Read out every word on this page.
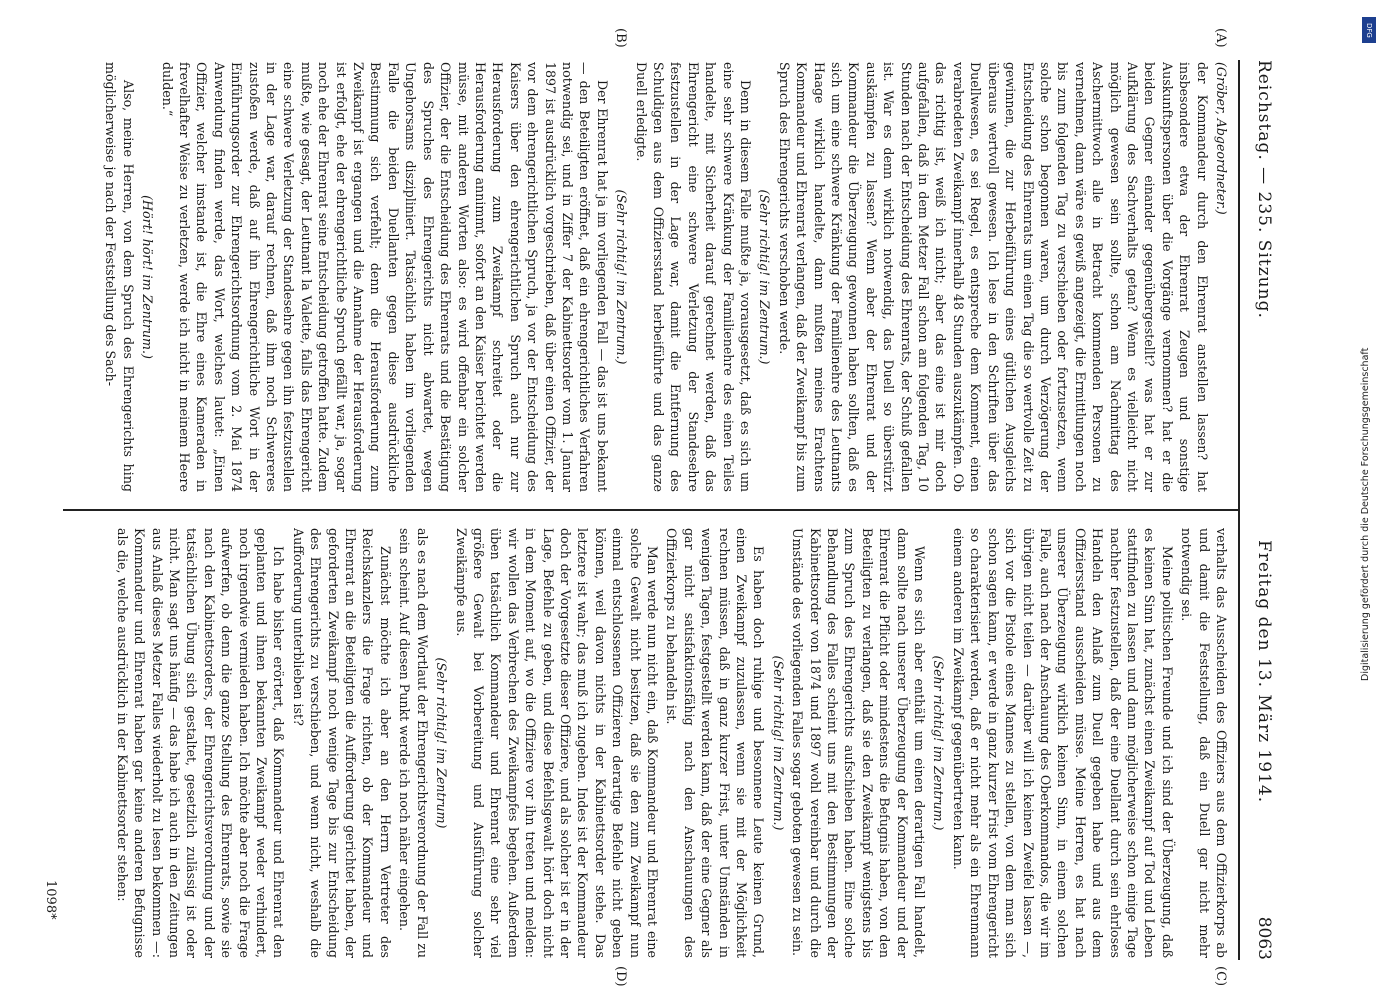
Reichstag. — 235. Sitzung.
Freitag den 13. März 1914.
8063
(A)
(B)
(C)
(D)

(Gröber, Abgeordneter.)

der Kommandeur durch den Ehrenrat anstellen lassen? hat insbesondere etwa der Ehrenrat Zeugen und sonstige Auskunftspersonen über die Vorgänge vernommen? hat er die beiden Gegner einander gegenübergestellt? was hat er zur Aufklärung des Sachverhalts getan? Wenn es vielleicht nicht möglich gewesen sein sollte, schon am Nachmittag des Aschermittwoch alle in Betracht kommenden Personen zu vernehmen, dann wäre es gewiß angezeigt, die Ermittlungen noch bis zum folgenden Tag zu verschieben oder fortzusetzen, wenn solche schon begonnen waren, um durch Verzögerung der Entscheidung des Ehrenrats um einen Tag die so wertvolle Zeit zu gewinnen, die zur Herbeiführung eines gütlichen Ausgleichs überaus wertvoll gewesen. Ich lese in den Schriften über das Duellwesen, es sei Regel, es entspreche dem Komment, einen verabredeten Zweikampf innerhalb 48 Stunden auszukämpfen. Ob das richtig ist, weiß ich nicht; aber das eine ist mir doch aufgefallen, daß in dem Metzer Fall schon am folgenden Tag, 10 Stunden nach der Entscheidung des Ehrenrats, der Schuß gefallen ist. War es denn wirklich notwendig, das Duell so überstürzt auskämpfen zu lassen? Wenn aber der Ehrenrat und der Kommandeur die Überzeugung gewonnen haben sollten, daß es sich um eine schwere Kränkung der Familienehre des Leutnants Haage wirklich handelte, dann mußten meines Erachtens Kommandeur und Ehrenrat verlangen, daß der Zweikampf bis zum Spruch des Ehrengerichts verschoben werde.

(Sehr richtig! im Zentrum.)

Denn in diesem Falle mußte ja, vorausgesetzt, daß es sich um eine sehr schwere Kränkung der Familienehre des einen Teiles handelte, mit Sicherheit darauf gerechnet werden, daß das Ehrengericht eine schwere Verletzung der Standesehre festzustellen in der Lage war, damit die Entfernung des Schuldigen aus dem Offiziersstand herbeiführte und das ganze Duell erledigte.

(Sehr richtig! im Zentrum.)

Der Ehrenrat hat ja im vorliegenden Fall — das ist uns bekannt — den Beteiligten eröffnet, daß ein ehrengerichtliches Verfahren notwendig sei, und in Ziffer 7 der Kabinettsorder vom 1. Januar 1897 ist ausdrücklich vorgeschrieben, daß über einen Offizier, der vor dem ehrengerichtlichen Spruch, ja vor der Entscheidung des Kaisers über den ehrengerichtlichen Spruch auch nur zur Herausforderung zum Zweikampf schreitet oder die Herausforderung annimmt, sofort an den Kaiser berichtet werden müsse, mit anderen Worten also: es wird offenbar ein solcher Offizier, der die Entscheidung des Ehrenrats und die Bestätigung des Spruches des Ehrengerichts nicht abwartet, wegen Ungehorsams diszipliniert. Tatsächlich haben im vorliegenden Falle die beiden Duellanten gegen diese ausdrückliche Bestimmung sich verfehlt; denn die Herausforderung zum Zweikampf ist ergangen und die Annahme der Herausforderung ist erfolgt, ehe der ehrengerichtliche Spruch gefällt war, ja, sogar noch ehe der Ehrenrat seine Entscheidung getroffen hatte. Zudem mußte, wie gesagt, der Leutnant la Valette, falls das Ehrengericht eine schwere Verletzung der Standesehre gegen ihn festzustellen in der Lage war, darauf rechnen, daß ihm noch Schwereres zustoßen werde, daß auf ihn Ehrengerichtliche Wort in der Einführungsorder zur Ehrengerichtsordnung vom 2. Mai 1874 Anwendung finden werde, das Wort, welches lautet: „Einen Offizier, welcher imstande ist, die Ehre eines Kameraden in frevelhafter Weise zu verletzen, werde ich nicht in meinem Heere dulden.“

(Hört! hört! im Zentrum.)

Also, meine Herren, von dem Spruch des Ehrengerichts hing möglicherweise je nach der Feststellung des Sach-

verhalts das Ausscheiden des Offiziers aus dem Offizierkorps ab und damit die Feststellung, daß ein Duell gar nicht mehr notwendig sei.

Meine politischen Freunde und ich sind der Überzeugung, daß es keinen Sinn hat, zunächst einen Zweikampf auf Tod und Leben stattfinden zu lassen und dann möglicherweise schon einige Tage nachher festzustellen, daß der eine Duellant durch sein ehrloses Handeln den Anlaß zum Duell gegeben habe und aus dem Offiziersstand ausscheiden müsse. Meine Herren, es hat nach unserer Überzeugung wirklich keinen Sinn, in einem solchen Falle, auch nach der Anschauung des Oberkommandos, die wir im übrigen nicht teilen — darüber will ich keinen Zweifel lassen —, sich vor die Pistole eines Mannes zu stellen, von dem man sich schon sagen kann, er werde in ganz kurzer Frist vom Ehrengericht so charakterisiert werden, daß er nicht mehr als ein Ehrenmann einem anderen im Zweikampf gegenübertreten kann.

(Sehr richtig! im Zentrum.)

Wenn es sich aber enthält um einen derartigen Fall handelt, dann sollte nach unserer Überzeugung der Kommandeur und der Ehrenrat die Pflicht oder mindestens die Befugnis haben, von den Beteiligten zu verlangen, daß sie den Zweikampf wenigstens bis zum Spruch des Ehrengerichts aufschieben haben. Eine solche Behandlung des Falles scheint uns mit den Bestimmungen der Kabinettsorder von 1874 und 1897 wohl vereinbar und durch die Umstände des vorliegenden Falles sogar geboten gewesen zu sein.

(Sehr richtig! im Zentrum.)

Es haben doch ruhige und besonnene Leute keinen Grund, einen Zweikampf zuzulassen, wenn sie mit der Möglichkeit rechnen müssen, daß in ganz kurzer Frist, unter Umständen in wenigen Tagen, festgestellt werden kann, daß der eine Gegner als gar nicht satisfaktionsfähig nach den Anschauungen des Offizierkorps zu behandeln ist.

Man werde nun nicht ein, daß Kommandeur und Ehrenrat eine solche Gewalt nicht besitzen, daß sie den zum Zweikampf nun einmal entschlossenen Offizieren derartige Befehle nicht geben können, weil davon nichts in der Kabinettsorder stehe. Das letztere ist wahr; das muß ich zugeben. Indes ist der Kommandeur doch der Vorgesetzte dieser Offiziere, und als solcher ist er in der Lage, Befehle zu geben, und diese Befehlsgewalt hört doch nicht in dem Moment auf, wo die Offiziere vor ihn treten und melden: wir wollen das Verbrechen des Zweikampfes begehen. Außerdem üben tatsächlich Kommandeur und Ehrenrat eine sehr viel größere Gewalt bei Vorbereitung und Ausführung solcher Zweikämpfe aus.

(Sehr richtig! im Zentrum)

als es nach dem Wortlaut der Ehrengerichtsverordnung der Fall zu sein scheint. Auf diesen Punkt werde ich noch näher eingehen.

Zunächst möchte ich aber an den Herrn Vertreter des Reichskanzlers die Frage richten, ob der Kommandeur und Ehrenrat an die Beteiligten die Aufforderung gerichtet haben, der geforderten Zweikampf noch wenige Tage bis zur Entscheidung des Ehrengerichts zu verschieben, und wenn nicht, weshalb die Aufforderung unterblieben ist?

Ich habe bisher erörtert, daß Kommandeur und Ehrenrat den geplanten und ihnen bekannten Zweikampf weder verhindert, noch irgendwie vermieden haben. Ich möchte aber noch die Frage aufwerfen, ob denn die ganze Stellung des Ehrenrats, sowie sie nach den Kabinettsorders, der Ehrengerichtsverordnung und der tatsächlichen Übung sich gestaltet, gesetzlich zulässig ist oder nicht. Man sagt uns häufig — das habe ich auch in den Zeitungen aus Anlaß dieses Metzer Falles wiederholt zu lesen bekommen —: Kommandeur und Ehrenrat haben gar keine anderen Befugnisse als die, welche ausdrücklich in der Kabinettsorder stehen:

1098*
DFG
Digitalisierung gefördert durch die Deutsche Forschungsgemeinschaft
